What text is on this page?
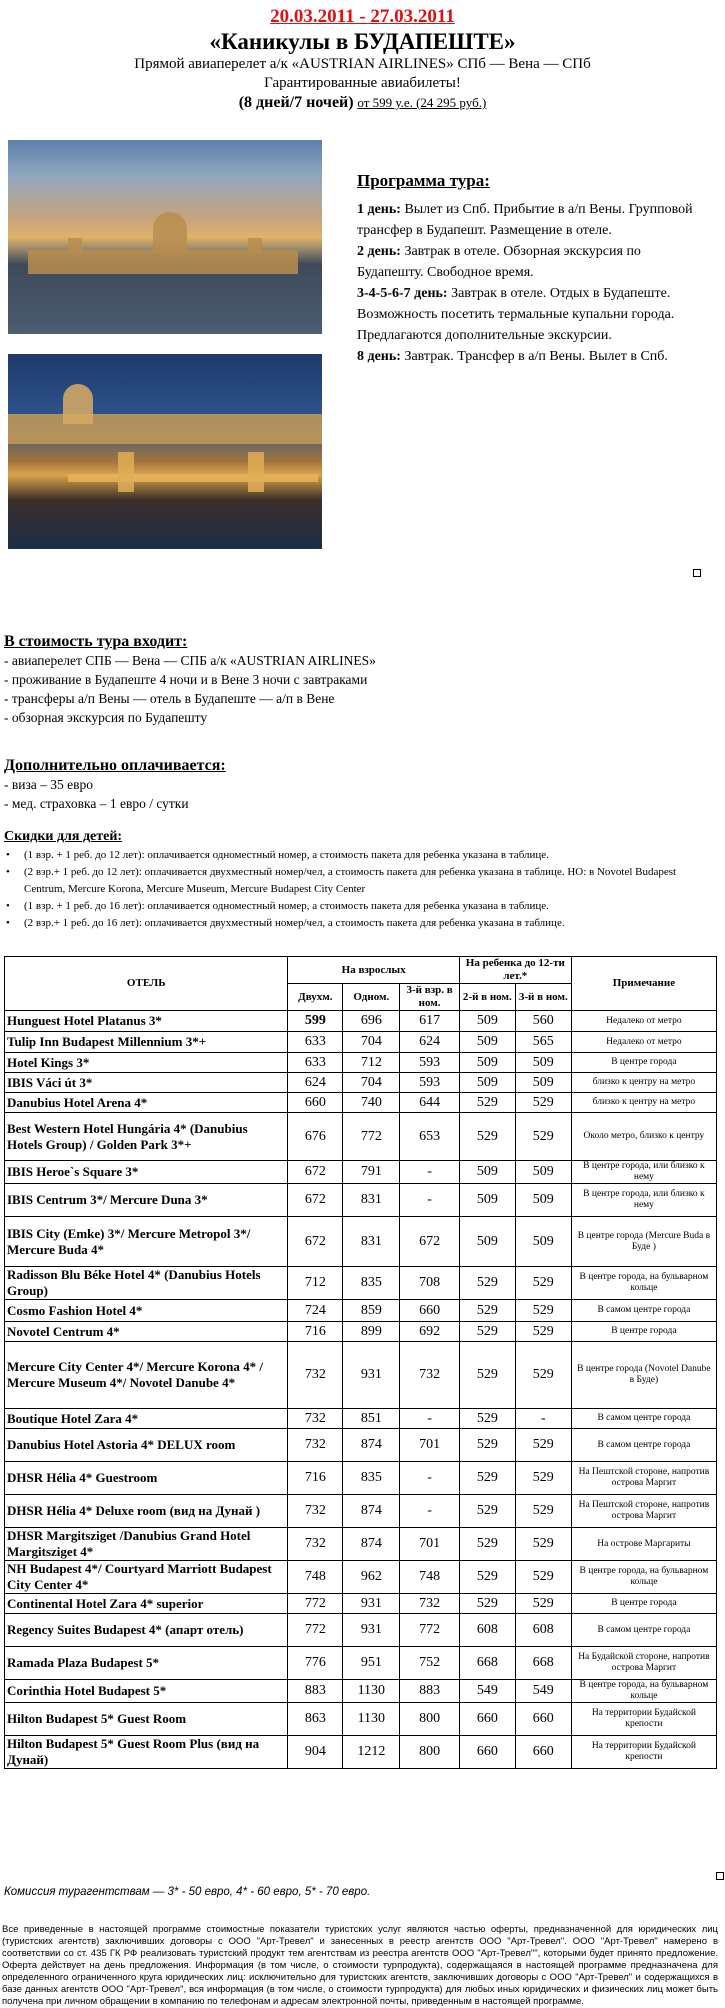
20.03.2011 - 27.03.2011
«Каникулы в БУДАПЕШТЕ»
Прямой авиаперелет а/к «AUSTRIAN AIRLINES» СПб — Вена — СПб
Гарантированные авиабилеты!
(8 дней/7 ночей) от 599 у.е. (24 295 руб.)
Программа тура:
1 день: Вылет из Спб. Прибытие в а/п Вены. Групповой трансфер в Будапешт. Размещение в отеле.
2 день: Завтрак в отеле. Обзорная экскурсия по Будапешту. Свободное время.
3-4-5-6-7 день: Завтрак в отеле. Отдых в Будапеште. Возможность посетить термальные купальни города. Предлагаются дополнительные экскурсии.
8 день: Завтрак. Трансфер в а/п Вены. Вылет в Спб.
В стоимость тура входит:
- авиаперелет СПБ — Вена — СПБ а/к «AUSTRIAN AIRLINES»
- проживание в Будапеште 4 ночи и в Вене 3 ночи с завтраками
- трансферы а/п Вены — отель в Будапеште — а/п в Вене
- обзорная экскурсия по Будапешту
Дополнительно оплачивается:
- виза – 35 евро
- мед. страховка – 1 евро / сутки
Скидки для детей:
• (1 взр. + 1 реб. до 12 лет): оплачивается одноместный номер, а стоимость пакета для ребенка указана в таблице.
• (2 взр.+ 1 реб. до 12 лет): оплачивается двухместный номер/чел, а стоимость пакета для ребенка указана в таблице. НО: в Novotel Budapest Centrum, Mercure Korona, Mercure Museum, Mercure Budapest City Center
• (1 взр. + 1 реб. до 16 лет): оплачивается одноместный номер, а стоимость пакета для ребенка указана в таблице.
• (2 взр.+ 1 реб. до 16 лет): оплачивается двухместный номер/чел, а стоимость пакета для ребенка указана в таблице.
ОТЕЛЬ	На взрослых			На ребенка до 12-ти лет.*		Примечание
	Двухм.	Одном.	3-й взр. в ном.	2-й в ном.	3-й в ном.	
Hunguest Hotel Platanus 3*	599	696	617	509	560	Недалеко от метро
Tulip Inn Budapest Millennium 3*+	633	704	624	509	565	Недалеко от метро
Hotel Kings 3*	633	712	593	509	509	В центре города
IBIS Váci út 3*	624	704	593	509	509	близко к центру на метро
Danubius Hotel Arena 4*	660	740	644	529	529	близко к центру на метро
Best Western Hotel Hungária 4* (Danubius Hotels Group) / Golden Park 3*+	676	772	653	529	529	Около метро, близко к центру
IBIS Heroe`s Square 3*	672	791	-	509	509	В центре города, или близко к нему
IBIS Centrum 3*/ Mercure Duna 3*	672	831	-	509	509	В центре города, или близко к нему
IBIS City (Emke) 3*/ Mercure Metropol 3*/ Mercure Buda 4*	672	831	672	509	509	В центре города (Mercure Buda в Буде )
Radisson Blu Béke Hotel 4* (Danubius Hotels Group)	712	835	708	529	529	В центре города, на бульварном кольце
Cosmo Fashion Hotel 4*	724	859	660	529	529	В самом центре города
Novotel Centrum 4*	716	899	692	529	529	В центре города
Mercure City Center 4*/ Mercure Korona 4* / Mercure Museum 4*/ Novotel Danube 4*	732	931	732	529	529	В центре города (Novotel Danube в Буде)
Boutique Hotel Zara 4*	732	851	-	529	-	В самом центре города
Danubius Hotel Astoria 4* DELUX room	732	874	701	529	529	В самом центре города
DHSR Hélia 4* Guestroom	716	835	-	529	529	На Пештской стороне, напротив острова Маргит
DHSR Hélia 4* Deluxe room (вид на Дунай )	732	874	-	529	529	На Пештской стороне, напротив острова Маргит
DHSR Margitsziget /Danubius Grand Hotel Margitsziget 4*	732	874	701	529	529	На острове Маргариты
NH Budapest 4*/ Courtyard Marriott Budapest City Center 4*	748	962	748	529	529	В центре города, на бульварном кольце
Continental Hotel Zara 4* superior	772	931	732	529	529	В центре города
Regency Suites Budapest 4* (апарт отель)	772	931	772	608	608	В самом центре города
Ramada Plaza Budapest 5*	776	951	752	668	668	На Будайской стороне, напротив острова Маргит
Corinthia Hotel Budapest 5*	883	1130	883	549	549	В центре города, на бульварном кольце
Hilton Budapest 5* Guest Room	863	1130	800	660	660	На территории Будайской крепости
Hilton Budapest 5* Guest Room Plus (вид на Дунай)	904	1212	800	660	660	На территории Будайской крепости
Комиссия турагентствам — 3* - 50 евро, 4* - 60 евро, 5* - 70 евро.
Все приведенные в настоящей программе стоимостные показатели туристских услуг являются частью оферты, предназначенной для юридических лиц (туристских агентств) заключивших договоры с ООО "Арт-Тревел" и занесенных в реестр агентств ООО "Арт-Тревел". ООО "Арт-Тревел" намерено в соответствии со ст. 435 ГК РФ реализовать туристский продукт тем агентствам из реестра агентств ООО "Арт-Тревел"", которыми будет принято предложение. Оферта действует на день предложения. Информация (в том числе, о стоимости турпродукта), содержащаяся в настоящей программе предназначена для определенного ограниченного круга юридических лиц: исключительно для туристских агентств, заключивших договоры с ООО "Арт-Тревел" и содержащихся в базе данных агентств ООО "Арт-Тревел", вся информация (в том числе, о стоимости турпродукта) для любых иных юридических и физических лиц может быть получена при личном обращении в компанию по телефонам и адресам электронной почты, приведенным в настоящей программе.
